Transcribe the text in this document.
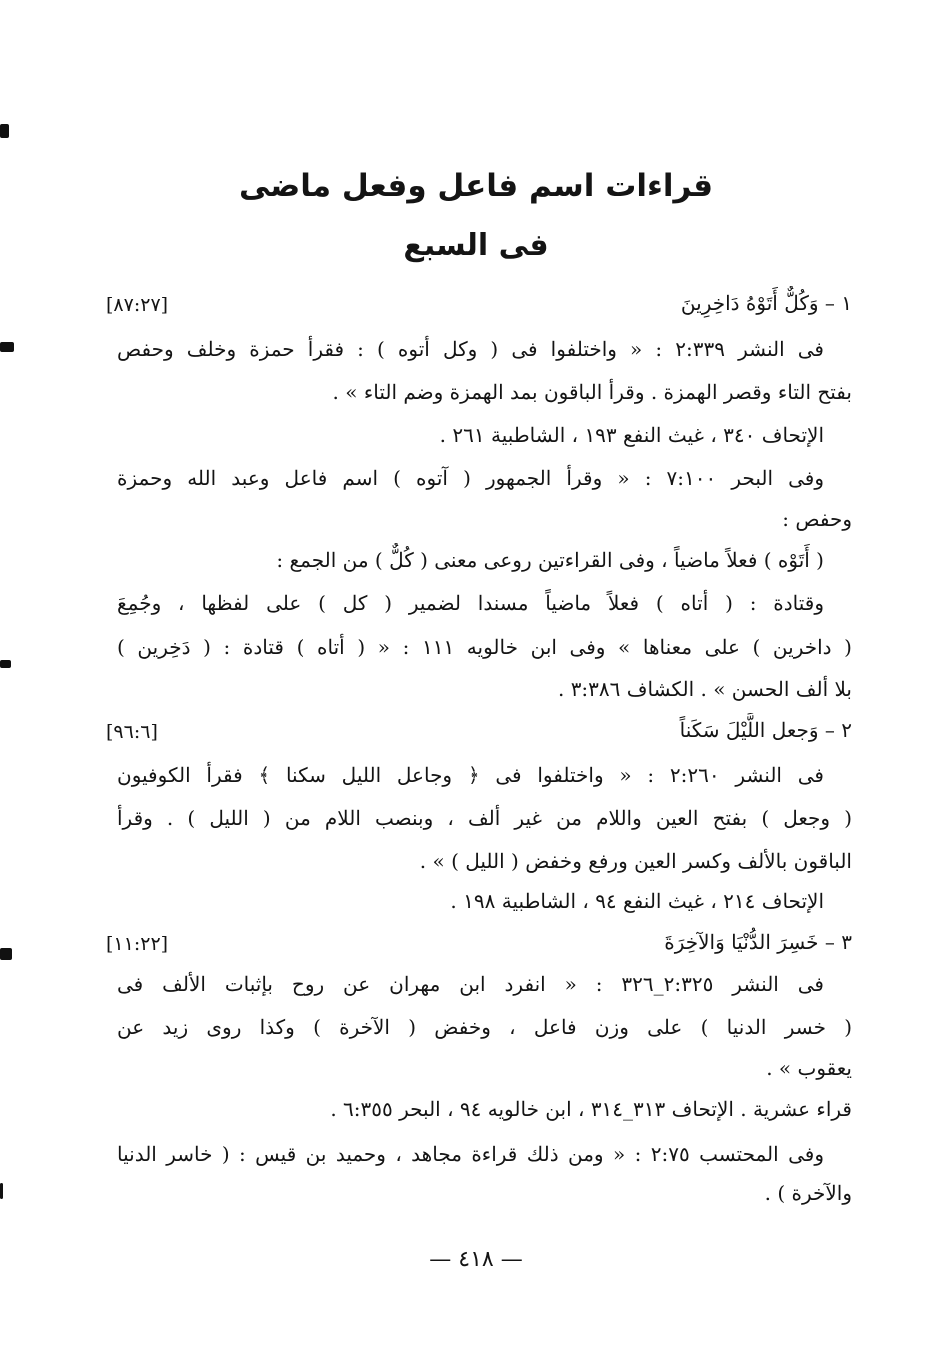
قراءات اسم فاعل وفعل ماضى
فى السبع
١ – وَكُلٌّ أَتَوْهُ دَاخِرِينَ
[٨٧:٢٧]
فى النشر ٢:٣٣٩ : « واختلفوا فى ( وكل أتوه ) : فقرأ حمزة وخلف وحفص
بفتح التاء وقصر الهمزة . وقرأ الباقون بمد الهمزة وضم التاء » .
الإتحاف ٣٤٠ ، غيث النفع ١٩٣ ، الشاطبية ٢٦١ .
وفى البحر ٧:١٠٠ : « وقرأ الجمهور ( آتوه ) اسم فاعل وعبد الله وحمزة
وحفص :
( أَتَوْه ) فعلاً ماضياً ، وفى القراءتين روعى معنى ( كُلٌّ ) من الجمع :
وقتادة : ( أتاه ) فعلاً ماضياً مسندا لضمير ( كل ) على لفظها ، وجُمِعَ
( داخرين ) على معناها » وفى ابن خالويه ١١١ : « ( أتاه ) قتادة : ( دَخِرين )
بلا ألف الحسن » . الكشاف ٣:٣٨٦ .
٢ – وَجعل اللَّيْلَ سَكَناً
[٩٦:٦]
فى النشر ٢:٢٦٠ : « واختلفوا فى ﴿ وجاعل الليل سكنا ﴾ فقرأ الكوفيون
( وجعل ) بفتح العين واللام من غير ألف ، وبنصب اللام من ( الليل ) . وقرأ
الباقون بالألف وكسر العين ورفع وخفض ( الليل ) » .
الإتحاف ٢١٤ ، غيث النفع ٩٤ ، الشاطبية ١٩٨ .
٣ – خَسِرَ الدُّنْيَا وَالآخِرَةَ
[١١:٢٢]
فى النشر ٢:٣٢٥_٣٢٦ : « انفرد ابن مهران عن روح بإثبات الألف فى
( خسر الدنيا ) على وزن فاعل ، وخفض ( الآخرة ) وكذا روى زيد عن
يعقوب » .
قراء عشرية . الإتحاف ٣١٣_٣١٤ ، ابن خالويه ٩٤ ، البحر ٦:٣٥٥ .
وفى المحتسب ٢:٧٥ : « ومن ذلك قراءة مجاهد ، وحميد بن قيس : ( خاسر الدنيا
والآخرة ) .
— ٤١٨ —
